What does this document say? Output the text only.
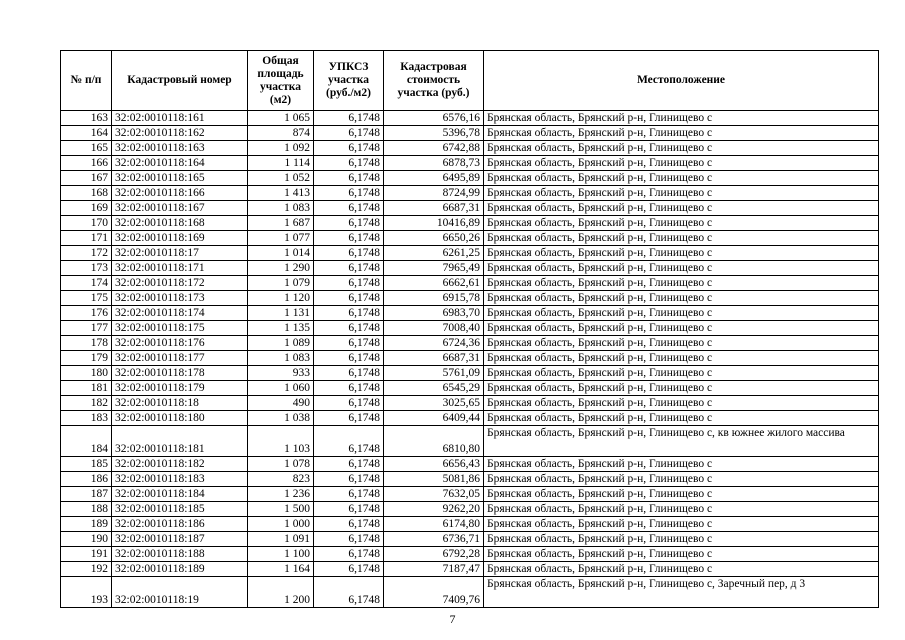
№ п/п	Кадастровый номер	Общая площадь участка (м2)	УПКСЗ участка (руб./м2)	Кадастровая стоимость участка (руб.)	Местоположение
163	32:02:0010118:161	1 065	6,1748	6576,16	Брянская область, Брянский р-н, Глинищево с
164	32:02:0010118:162	874	6,1748	5396,78	Брянская область, Брянский р-н, Глинищево с
165	32:02:0010118:163	1 092	6,1748	6742,88	Брянская область, Брянский р-н, Глинищево с
166	32:02:0010118:164	1 114	6,1748	6878,73	Брянская область, Брянский р-н, Глинищево с
167	32:02:0010118:165	1 052	6,1748	6495,89	Брянская область, Брянский р-н, Глинищево с
168	32:02:0010118:166	1 413	6,1748	8724,99	Брянская область, Брянский р-н, Глинищево с
169	32:02:0010118:167	1 083	6,1748	6687,31	Брянская область, Брянский р-н, Глинищево с
170	32:02:0010118:168	1 687	6,1748	10416,89	Брянская область, Брянский р-н, Глинищево с
171	32:02:0010118:169	1 077	6,1748	6650,26	Брянская область, Брянский р-н, Глинищево с
172	32:02:0010118:17	1 014	6,1748	6261,25	Брянская область, Брянский р-н, Глинищево с
173	32:02:0010118:171	1 290	6,1748	7965,49	Брянская область, Брянский р-н, Глинищево с
174	32:02:0010118:172	1 079	6,1748	6662,61	Брянская область, Брянский р-н, Глинищево с
175	32:02:0010118:173	1 120	6,1748	6915,78	Брянская область, Брянский р-н, Глинищево с
176	32:02:0010118:174	1 131	6,1748	6983,70	Брянская область, Брянский р-н, Глинищево с
177	32:02:0010118:175	1 135	6,1748	7008,40	Брянская область, Брянский р-н, Глинищево с
178	32:02:0010118:176	1 089	6,1748	6724,36	Брянская область, Брянский р-н, Глинищево с
179	32:02:0010118:177	1 083	6,1748	6687,31	Брянская область, Брянский р-н, Глинищево с
180	32:02:0010118:178	933	6,1748	5761,09	Брянская область, Брянский р-н, Глинищево с
181	32:02:0010118:179	1 060	6,1748	6545,29	Брянская область, Брянский р-н, Глинищево с
182	32:02:0010118:18	490	6,1748	3025,65	Брянская область, Брянский р-н, Глинищево с
183	32:02:0010118:180	1 038	6,1748	6409,44	Брянская область, Брянский р-н, Глинищево с
184	32:02:0010118:181	1 103	6,1748	6810,80	Брянская область, Брянский р-н, Глинищево с, кв южнее жилого массива
185	32:02:0010118:182	1 078	6,1748	6656,43	Брянская область, Брянский р-н, Глинищево с
186	32:02:0010118:183	823	6,1748	5081,86	Брянская область, Брянский р-н, Глинищево с
187	32:02:0010118:184	1 236	6,1748	7632,05	Брянская область, Брянский р-н, Глинищево с
188	32:02:0010118:185	1 500	6,1748	9262,20	Брянская область, Брянский р-н, Глинищево с
189	32:02:0010118:186	1 000	6,1748	6174,80	Брянская область, Брянский р-н, Глинищево с
190	32:02:0010118:187	1 091	6,1748	6736,71	Брянская область, Брянский р-н, Глинищево с
191	32:02:0010118:188	1 100	6,1748	6792,28	Брянская область, Брянский р-н, Глинищево с
192	32:02:0010118:189	1 164	6,1748	7187,47	Брянская область, Брянский р-н, Глинищево с
193	32:02:0010118:19	1 200	6,1748	7409,76	Брянская область, Брянский р-н, Глинищево с, Заречный пер, д 3
7
